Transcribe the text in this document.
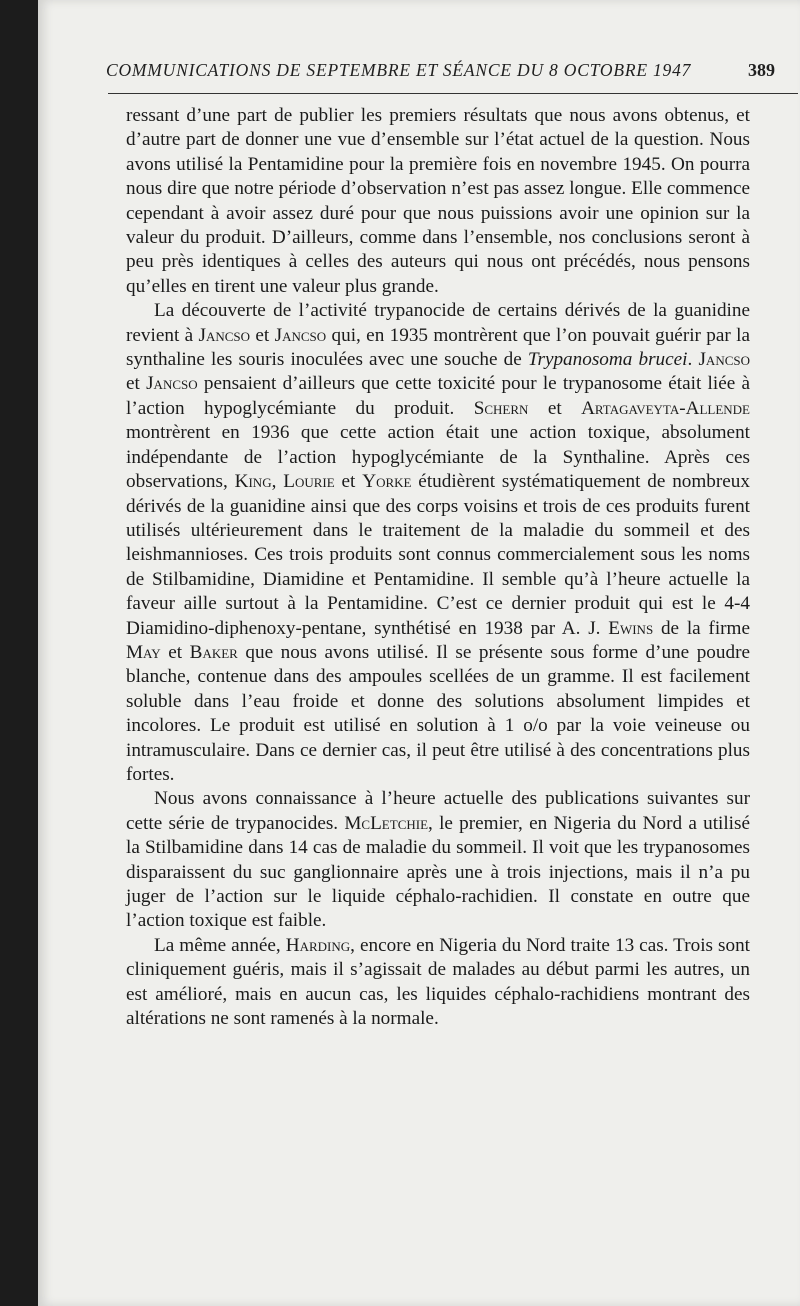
COMMUNICATIONS DE SEPTEMBRE ET SÉANCE DU 8 OCTOBRE 1947	389

ressant d’une part de publier les premiers résultats que nous avons obtenus, et d’autre part de donner une vue d’ensemble sur l’état actuel de la question. Nous avons utilisé la Pentamidine pour la première fois en novembre 1945. On pourra nous dire que notre période d’observation n’est pas assez longue. Elle commence cependant à avoir assez duré pour que nous puissions avoir une opinion sur la valeur du produit. D’ailleurs, comme dans l’ensemble, nos conclusions seront à peu près identiques à celles des auteurs qui nous ont précédés, nous pensons qu’elles en tirent une valeur plus grande.

La découverte de l’activité trypanocide de certains dérivés de la guanidine revient à Jancso et Jancso qui, en 1935 montrèrent que l’on pouvait guérir par la synthaline les souris inoculées avec une souche de Trypanosoma brucei. Jancso et Jancso pensaient d’ailleurs que cette toxicité pour le trypanosome était liée à l’action hypoglycémiante du produit. Schern et Artagaveyta-Allende montrèrent en 1936 que cette action était une action toxique, absolument indépendante de l’action hypoglycémiante de la Synthaline. Après ces observations, King, Lourie et Yorke étudièrent systématiquement de nombreux dérivés de la guanidine ainsi que des corps voisins et trois de ces produits furent utilisés ultérieurement dans le traitement de la maladie du sommeil et des leishmannioses. Ces trois produits sont connus commercialement sous les noms de Stilbamidine, Diamidine et Pentamidine. Il semble qu’à l’heure actuelle la faveur aille surtout à la Pentamidine. C’est ce dernier produit qui est le 4-4 Diamidino-diphenoxy-pentane, synthétisé en 1938 par A. J. Ewins de la firme May et Baker que nous avons utilisé. Il se présente sous forme d’une poudre blanche, contenue dans des ampoules scellées de un gramme. Il est facilement soluble dans l’eau froide et donne des solutions absolument limpides et incolores. Le produit est utilisé en solution à 1 o/o par la voie veineuse ou intramusculaire. Dans ce dernier cas, il peut être utilisé à des concentrations plus fortes.

Nous avons connaissance à l’heure actuelle des publications suivantes sur cette série de trypanocides. McLetchie, le premier, en Nigeria du Nord a utilisé la Stilbamidine dans 14 cas de maladie du sommeil. Il voit que les trypanosomes disparaissent du suc ganglionnaire après une à trois injections, mais il n’a pu juger de l’action sur le liquide céphalo-rachidien. Il constate en outre que l’action toxique est faible.

La même année, Harding, encore en Nigeria du Nord traite 13 cas. Trois sont cliniquement guéris, mais il s’agissait de malades au début parmi les autres, un est amélioré, mais en aucun cas, les liquides céphalo-rachidiens montrant des altérations ne sont ramenés à la normale.
